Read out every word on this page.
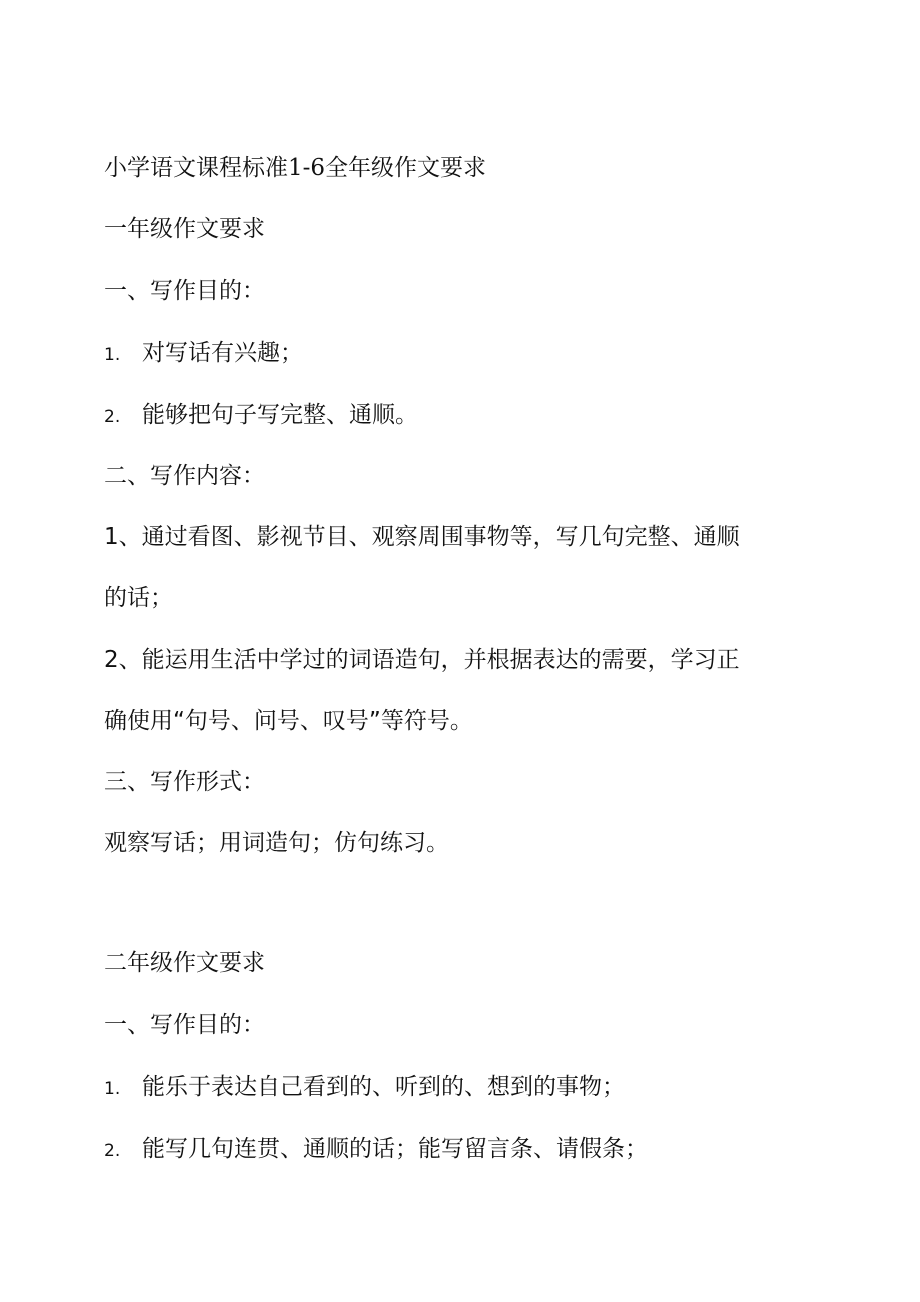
小学语文课程标准1-6全年级作文要求
一年级作文要求
一、写作目的：
1. 对写话有兴趣；
2. 能够把句子写完整、通顺。
二、写作内容：
1、通过看图、影视节目、观察周围事物等，写几句完整、通顺
的话；
2、能运用生活中学过的词语造句，并根据表达的需要，学习正
确使用“句号、问号、叹号”等符号。
三、写作形式：
观察写话；用词造句；仿句练习。
二年级作文要求
一、写作目的：
1. 能乐于表达自己看到的、听到的、想到的事物；
2. 能写几句连贯、通顺的话；能写留言条、请假条；
